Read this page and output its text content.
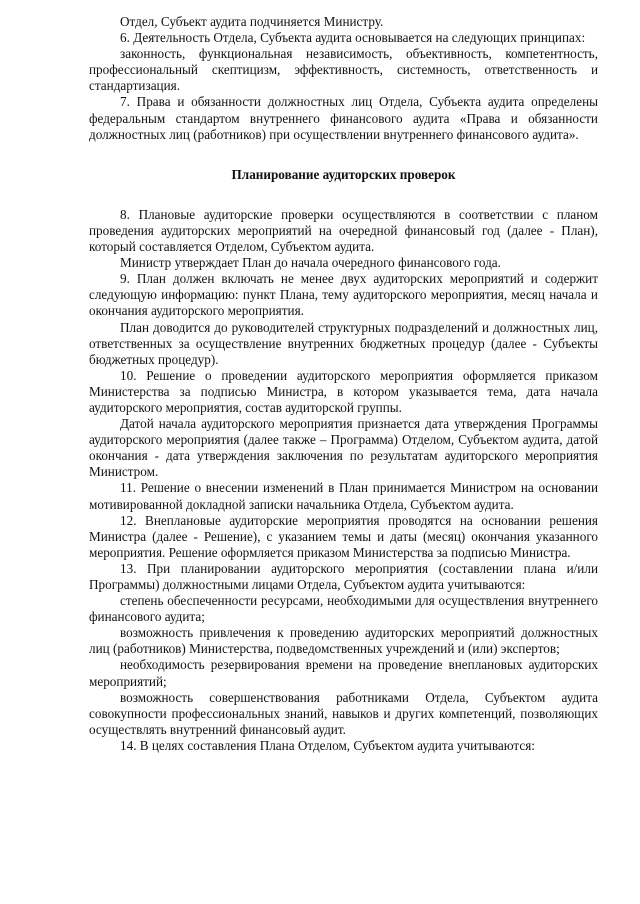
Отдел, Субъект аудита подчиняется Министру.

6. Деятельность Отдела, Субъекта аудита основывается на следующих принципах:

законность, функциональная независимость, объективность, компетентность, профессиональный скептицизм, эффективность, системность, ответственность и стандартизация.

7. Права и обязанности должностных лиц Отдела, Субъекта аудита определены федеральным стандартом внутреннего финансового аудита «Права и обязанности должностных лиц (работников) при осуществлении внутреннего финансового аудита».

Планирование аудиторских проверок

8. Плановые аудиторские проверки осуществляются в соответствии с планом проведения аудиторских мероприятий на очередной финансовый год (далее - План), который составляется Отделом, Субъектом аудита.

Министр утверждает План до начала очередного финансового года.

9. План должен включать не менее двух аудиторских мероприятий и содержит следующую информацию: пункт Плана, тему аудиторского мероприятия, месяц начала и окончания аудиторского мероприятия.

План доводится до руководителей структурных подразделений и должностных лиц, ответственных за осуществление внутренних бюджетных процедур (далее - Субъекты бюджетных процедур).

10. Решение о проведении аудиторского мероприятия оформляется приказом Министерства за подписью Министра, в котором указывается тема, дата начала аудиторского мероприятия, состав аудиторской группы.

Датой начала аудиторского мероприятия признается дата утверждения Программы аудиторского мероприятия (далее также – Программа) Отделом, Субъектом аудита, датой окончания - дата утверждения заключения по результатам аудиторского мероприятия Министром.

11. Решение о внесении изменений в План принимается Министром на основании мотивированной докладной записки начальника Отдела, Субъектом аудита.

12. Внеплановые аудиторские мероприятия проводятся на основании решения Министра (далее - Решение), с указанием темы и даты (месяц) окончания указанного мероприятия. Решение оформляется приказом Министерства за подписью Министра.

13. При планировании аудиторского мероприятия (составлении плана и/или Программы) должностными лицами Отдела, Субъектом аудита учитываются:

степень обеспеченности ресурсами, необходимыми для осуществления внутреннего финансового аудита;

возможность привлечения к проведению аудиторских мероприятий должностных лиц (работников) Министерства, подведомственных учреждений и (или) экспертов;

необходимость резервирования времени на проведение внеплановых аудиторских мероприятий;

возможность совершенствования работниками Отдела, Субъектом аудита совокупности профессиональных знаний, навыков и других компетенций, позволяющих осуществлять внутренний финансовый аудит.

14. В целях составления Плана Отделом, Субъектом аудита учитываются:
